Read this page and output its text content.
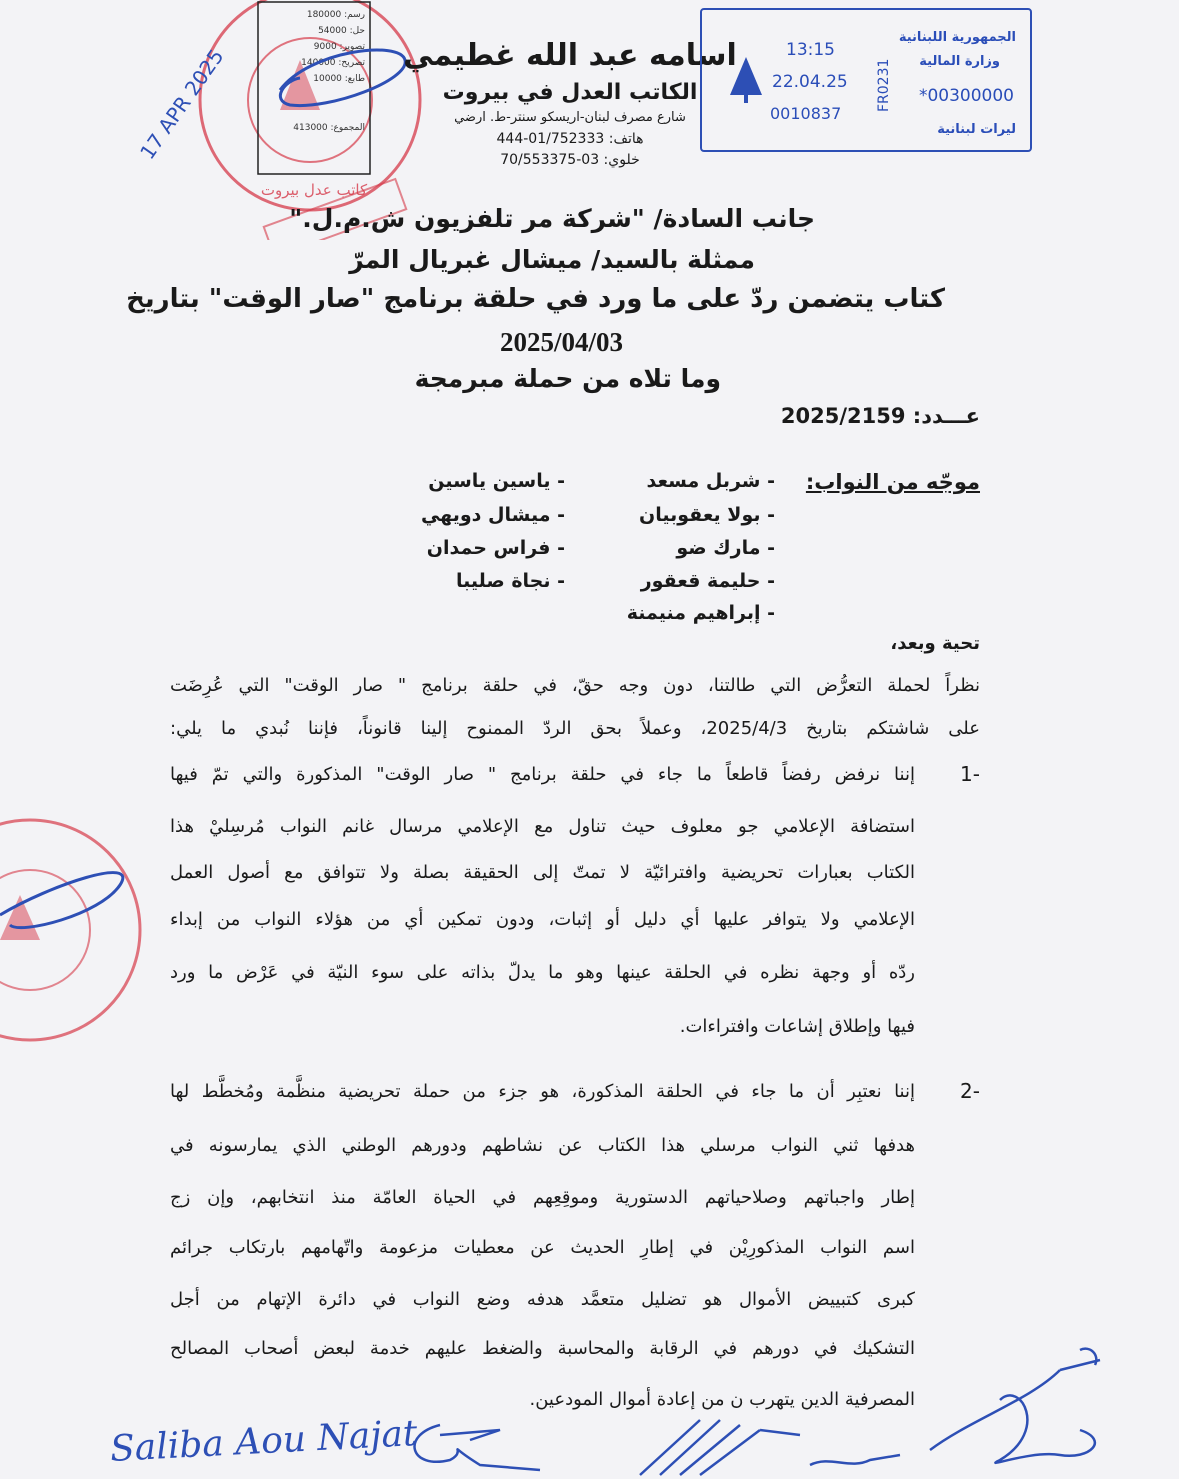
رسم: 180000
حل: 54000
تصوير: 9000
تصريح: 140000
طابع: 10000
المجموع: 413000
كاتب عدل بيروت
17 APR 2025	اسامه عبد الله غطيمي
الكاتب العدل في بيروت
شارع مصرف لبنان-اريسكو سنتر-ط. ارضي
هاتف: 01/752333-444
خلوي: 03-70/553375
الجمهورية اللبنانية
وزارة المالية
*00300000
ليرات لبنانية
13:15
22.04.25
0010837
FR0231
جانب السادة/ "شركة مر تلفزيون ش.م.ل."
ممثلة بالسيد/ ميشال غبريال المرّ
كتاب يتضمن ردّ على ما ورد في حلقة برنامج "صار الوقت" بتاريخ
2025/04/03
وما تلاه من حملة مبرمجة
عـــدد: 2025/2159
موجّه من النواب:
- شربل مسعد
- بولا يعقوبيان
- مارك ضو
- حليمة قعقور
- إبراهيم منيمنة
- ياسين ياسين
- ميشال دويهي
- فراس حمدان
- نجاة صليبا
تحية وبعد،
نظراً لحملة التعرُّض التي طالتنا، دون وجه حقّ، في حلقة برنامج " صار الوقت" التي عُرِضَت
على شاشتكم بتاريخ 2025/4/3، وعملاً بحق الردّ الممنوح إلينا قانوناً، فإننا نُبدي ما يلي:
1-
إننا نرفض رفضاً قاطعاً ما جاء في حلقة برنامج " صار الوقت" المذكورة والتي تمّ فيها
استضافة الإعلامي جو معلوف حيث تناول مع الإعلامي مرسال غانم النواب مُرسِليْ هذا
الكتاب بعبارات تحريضية وافترائيّة لا تمتّ إلى الحقيقة بصلة ولا تتوافق مع أصول العمل
الإعلامي ولا يتوافر عليها أي دليل أو إثبات، ودون تمكين أي من هؤلاء النواب من إبداء
ردّه أو وجهة نظره في الحلقة عينها وهو ما يدلّ بذاته على سوء النيّة في عَرْض ما ورد
فيها وإطلاق إشاعات وافتراءات.
2-
إننا نعتبِر أن ما جاء في الحلقة المذكورة، هو جزء من حملة تحريضية منظَّمة ومُخطَّط لها
هدفها ثني النواب مرسلي هذا الكتاب عن نشاطهم ودورهم الوطني الذي يمارسونه في
إطار واجباتهم وصلاحياتهم الدستورية وموقِعِهم في الحياة العامّة منذ انتخابهم، وإن زج
اسم النواب المذكورِيْن في إطارِ الحديث عن معطيات مزعومة واتّهامهم بارتكاب جرائم
كبرى كتبييض الأموال هو تضليل متعمَّد هدفه وضع النواب في دائرة الإتهام من أجل
التشكيك في دورهم في الرقابة والمحاسبة والضغط عليهم خدمة لبعض أصحاب المصالح
المصرفية الدين يتهرب ن من إعادة أموال المودعين.
Saliba Aou Najat
